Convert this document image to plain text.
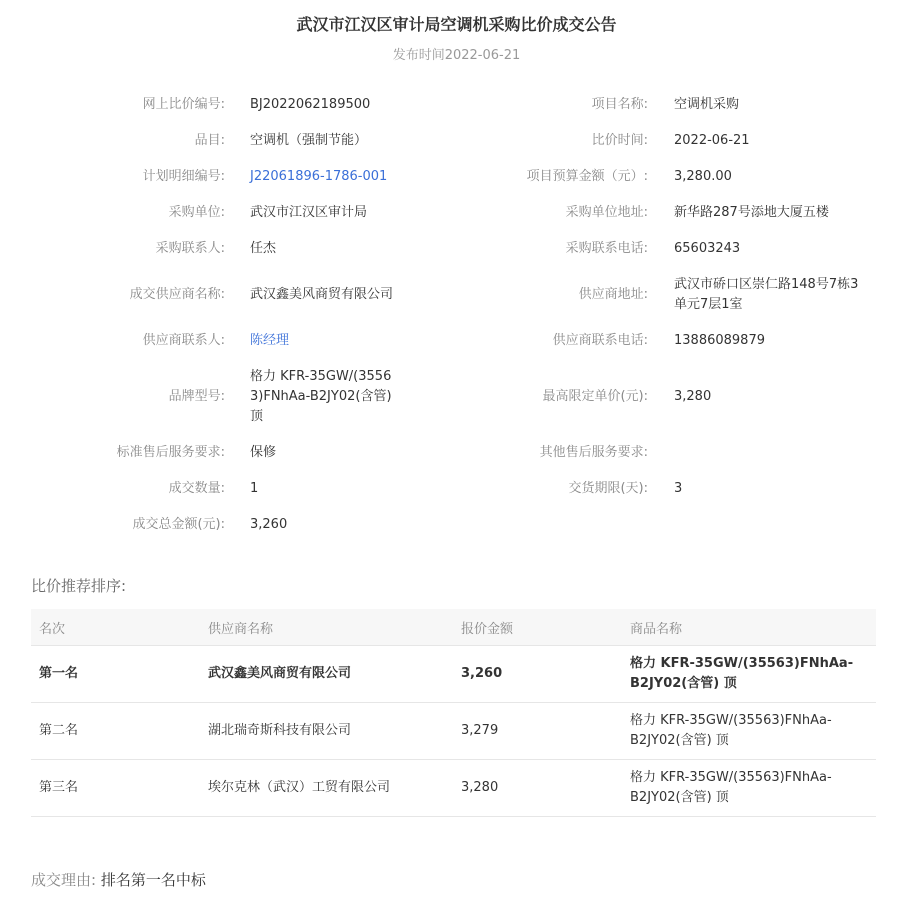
武汉市江汉区审计局空调机采购比价成交公告
发布时间2022-06-21
网上比价编号: BJ2022062189500	项目名称: 空调机采购
品目: 空调机（强制节能）	比价时间: 2022-06-21
计划明细编号: J22061896-1786-001	项目预算金额（元）: 3,280.00
采购单位: 武汉市江汉区审计局	采购单位地址: 新华路287号添地大厦五楼
采购联系人: 任杰	采购联系电话: 65603243
成交供应商名称: 武汉鑫美风商贸有限公司	供应商地址:
武汉市硚口区崇仁路148号7栋3单元7层1室
供应商联系人: 陈经理	供应商联系电话: 13886089879
品牌型号:
格力 KFR-35GW/(35563)FNhAa-B2JY02(含管) 顶
最高限定单价(元): 3,280
标准售后服务要求: 保修	其他售后服务要求:
成交数量: 1	交货期限(天): 3
成交总金额(元): 3,260
比价推荐排序:
名次	供应商名称	报价金额	商品名称
第一名	武汉鑫美风商贸有限公司	3,260	格力 KFR-35GW/(35563)FNhAa-B2JY02(含管) 顶
第二名	湖北瑞奇斯科技有限公司	3,279	格力 KFR-35GW/(35563)FNhAa-B2JY02(含管) 顶
第三名	埃尔克林（武汉）工贸有限公司	3,280	格力 KFR-35GW/(35563)FNhAa-B2JY02(含管) 顶
成交理由: 排名第一名中标
